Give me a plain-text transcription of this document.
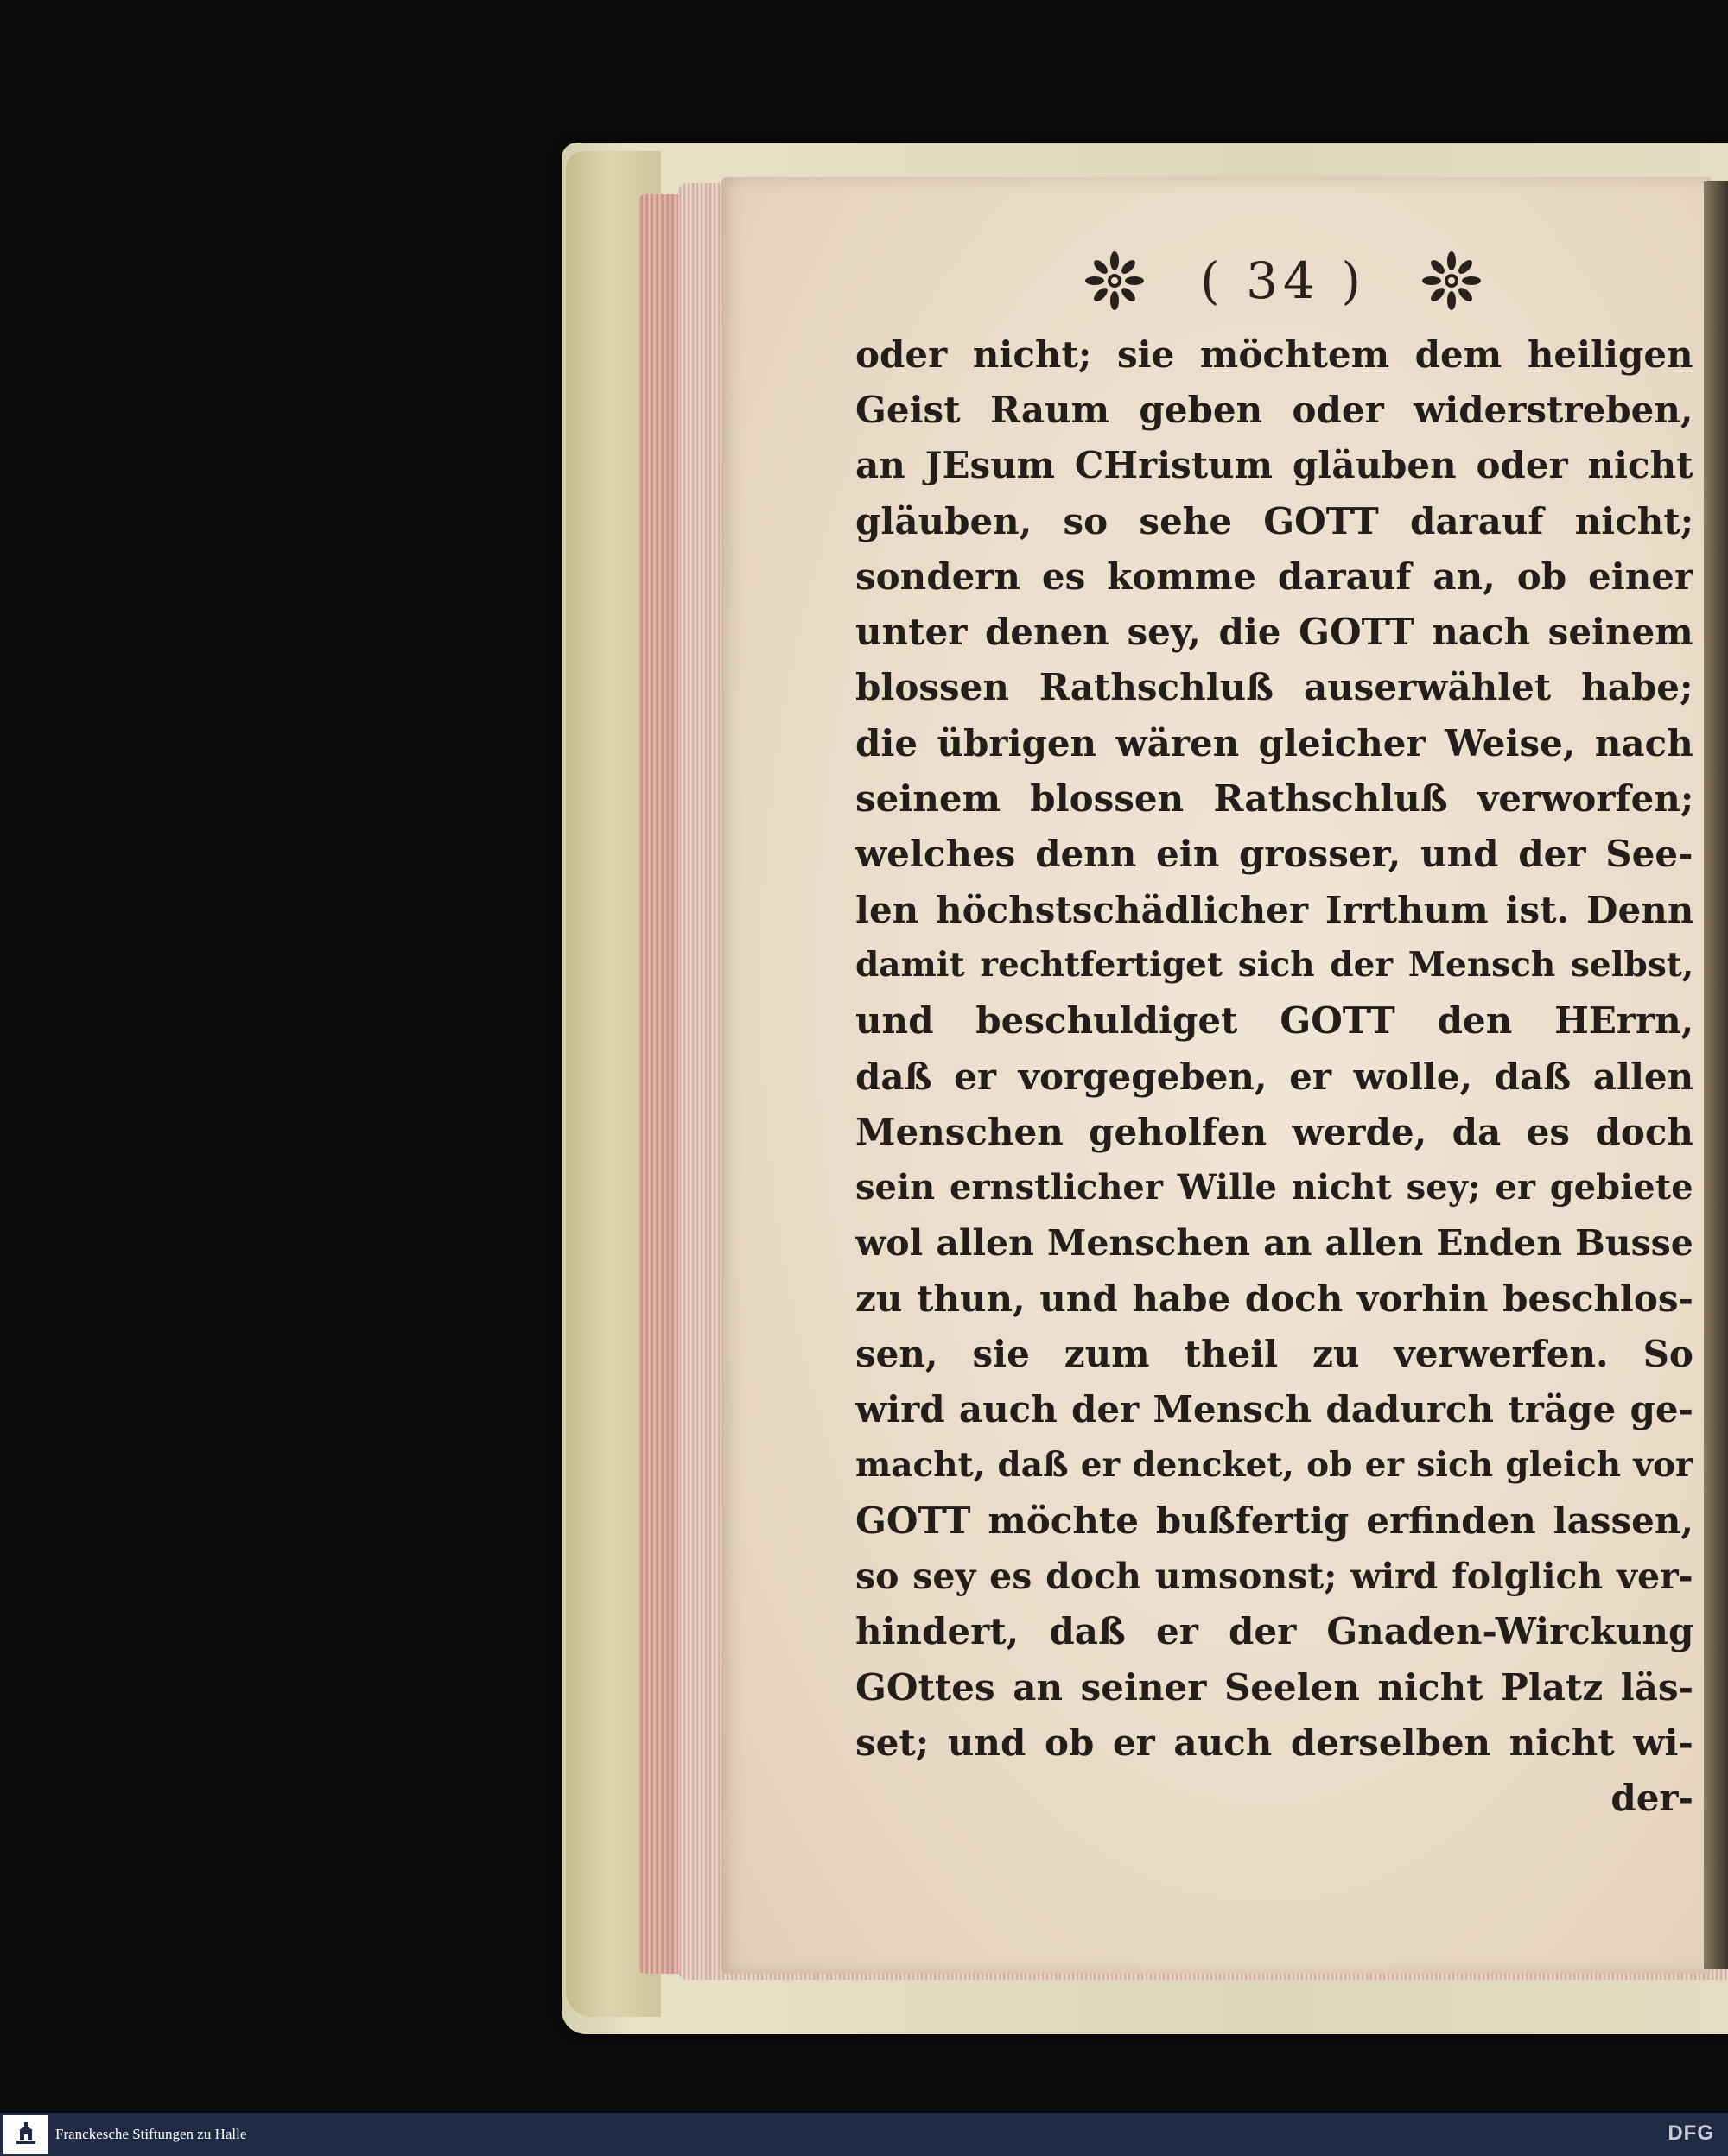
( 34 )
oder nicht; sie möchtem dem heiligen
Geist Raum geben oder widerstreben,
an JEsum CHristum gläuben oder nicht
gläuben, so sehe GOTT darauf nicht;
sondern es komme darauf an, ob einer
unter denen sey, die GOTT nach seinem
blossen Rathschluß auserwählet habe;
die übrigen wären gleicher Weise, nach
seinem blossen Rathschluß verworfen;
welches denn ein grosser, und der See-
len höchstschädlicher Irrthum ist. Denn
damit rechtfertiget sich der Mensch selbst,
und beschuldiget GOTT den HErrn,
daß er vorgegeben, er wolle, daß allen
Menschen geholfen werde, da es doch
sein ernstlicher Wille nicht sey; er gebiete
wol allen Menschen an allen Enden Busse
zu thun, und habe doch vorhin beschlos-
sen, sie zum theil zu verwerfen. So
wird auch der Mensch dadurch träge ge-
macht, daß er dencket, ob er sich gleich vor
GOTT möchte bußfertig erfinden lassen,
so sey es doch umsonst; wird folglich ver-
hindert, daß er der Gnaden-Wirckung
GOttes an seiner Seelen nicht Platz läs-
set; und ob er auch derselben nicht wi-
der-
Franckesche Stiftungen zu Halle	DFG
